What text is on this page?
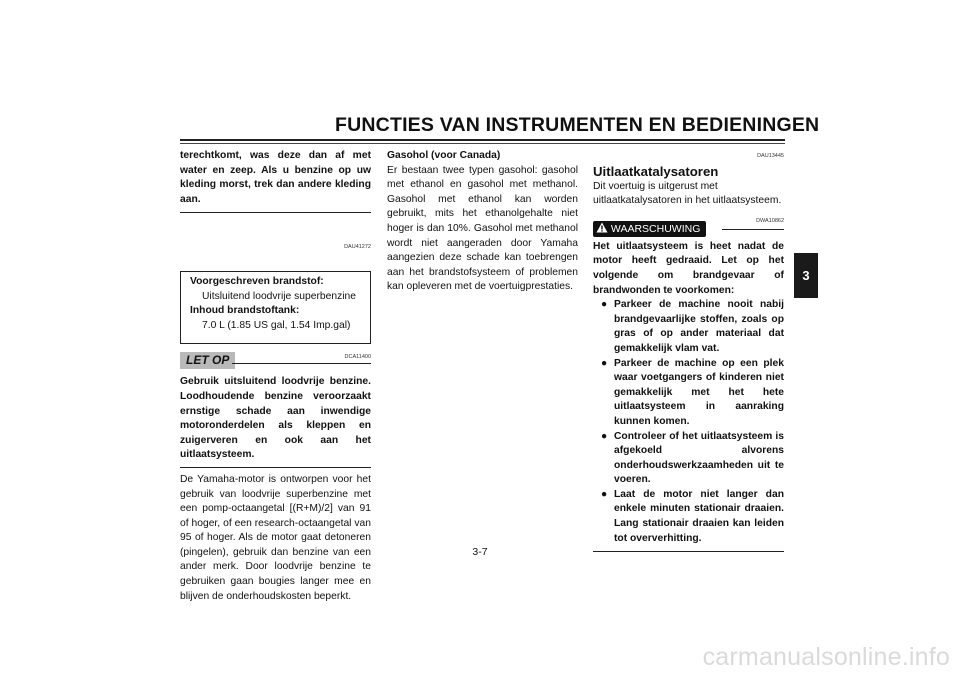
FUNCTIES VAN INSTRUMENTEN EN BEDIENINGEN
3
terechtkomt, was deze dan af met water en zeep. Als u benzine op uw kleding morst, trek dan andere kleding aan.
DAU41272
Voorgeschreven brandstof:
Uitsluitend loodvrije superbenzine
Inhoud brandstoftank:
7.0 L (1.85 US gal, 1.54 Imp.gal)
LET OP	DCA11400
Gebruik uitsluitend loodvrije benzine. Loodhoudende benzine veroorzaakt ernstige schade aan inwendige motoronderdelen als kleppen en zuigerveren en ook aan het uitlaatsysteem.
De Yamaha-motor is ontworpen voor het gebruik van loodvrije superbenzine met een pomp-octaangetal [(R+M)/2] van 91 of hoger, of een research-octaangetal van 95 of hoger. Als de motor gaat detoneren (pingelen), gebruik dan benzine van een ander merk. Door loodvrije benzine te gebruiken gaan bougies langer mee en blijven de onderhoudskosten beperkt.
Gasohol (voor Canada)
Er bestaan twee typen gasohol: gasohol met ethanol en gasohol met methanol. Gasohol met ethanol kan worden gebruikt, mits het ethanolgehalte niet hoger is dan 10%. Gasohol met methanol wordt niet aangeraden door Yamaha aangezien deze schade kan toebrengen aan het brandstofsysteem of problemen kan opleveren met de voertuigprestaties.
DAU13445
Uitlaatkatalysatoren
Dit voertuig is uitgerust met uitlaatkatalysatoren in het uitlaatsysteem.
DWA10862
WAARSCHUWING
Het uitlaatsysteem is heet nadat de motor heeft gedraaid. Let op het volgende om brandgevaar of brandwonden te voorkomen:
● Parkeer de machine nooit nabij brandgevaarlijke stoffen, zoals op gras of op ander materiaal dat gemakkelijk vlam vat.
● Parkeer de machine op een plek waar voetgangers of kinderen niet gemakkelijk met het hete uitlaatsysteem in aanraking kunnen komen.
● Controleer of het uitlaatsysteem is afgekoeld alvorens onderhoudswerkzaamheden uit te voeren.
● Laat de motor niet langer dan enkele minuten stationair draaien. Lang stationair draaien kan leiden tot oververhitting.
3-7
carmanualsonline.info
